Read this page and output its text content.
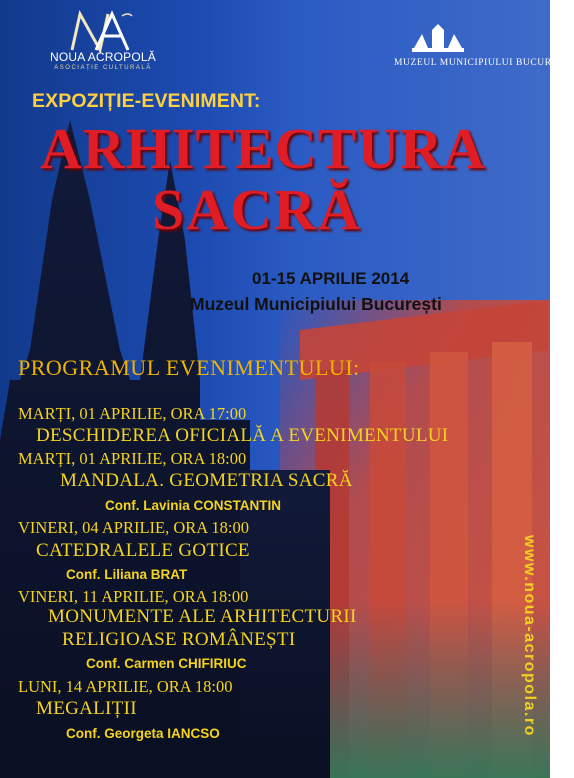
NOUA ACROPOLĂ
ASOCIAȚIE CULTURALĂ	MUZEUL MUNICIPIULUI BUCUREȘTI
EXPOZIȚIE-EVENIMENT:
ARHITECTURA
SACRĂ
01-15 APRILIE 2014
Muzeul Municipiului București
PROGRAMUL EVENIMENTULUI:
MARȚI, 01 APRILIE, ORA 17:00
DESCHIDEREA OFICIALĂ A EVENIMENTULUI
MARȚI, 01 APRILIE, ORA 18:00
MANDALA. GEOMETRIA SACRĂ
Conf. Lavinia CONSTANTIN
VINERI, 04 APRILIE, ORA 18:00
CATEDRALELE GOTICE
Conf. Liliana BRAT
VINERI, 11 APRILIE, ORA 18:00
MONUMENTE ALE ARHITECTURII
RELIGIOASE ROMÂNEȘTI
Conf. Carmen CHIFIRIUC
LUNI, 14 APRILIE, ORA 18:00
MEGALIȚII
Conf. Georgeta IANCSO	www.noua-acropola.ro
